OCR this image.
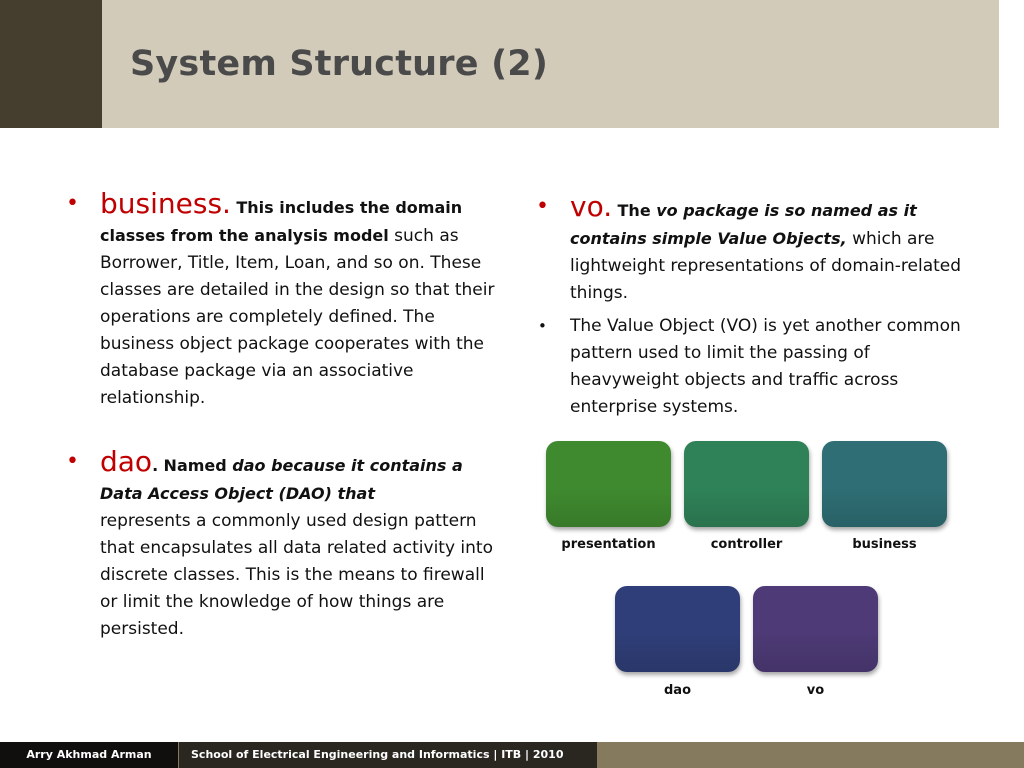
System Structure (2)
• business. This includes the domain classes from the analysis model such as Borrower, Title, Item, Loan, and so on. These classes are detailed in the design so that their operations are completely defined. The business object package cooperates with the database package via an associative relationship.
• dao. Named dao because it contains a Data Access Object (DAO) that
represents a commonly used design pattern that encapsulates all data related activity into discrete classes. This is the means to firewall or limit the knowledge of how things are persisted.
• vo. The vo package is so named as it contains simple Value Objects, which are lightweight representations of domain-related things.
• The Value Object (VO) is yet another common pattern used to limit the passing of heavyweight objects and traffic across enterprise systems.
presentation	controller	business
dao	vo
Arry Akhmad Arman	School of Electrical Engineering and Informatics | ITB | 2010
